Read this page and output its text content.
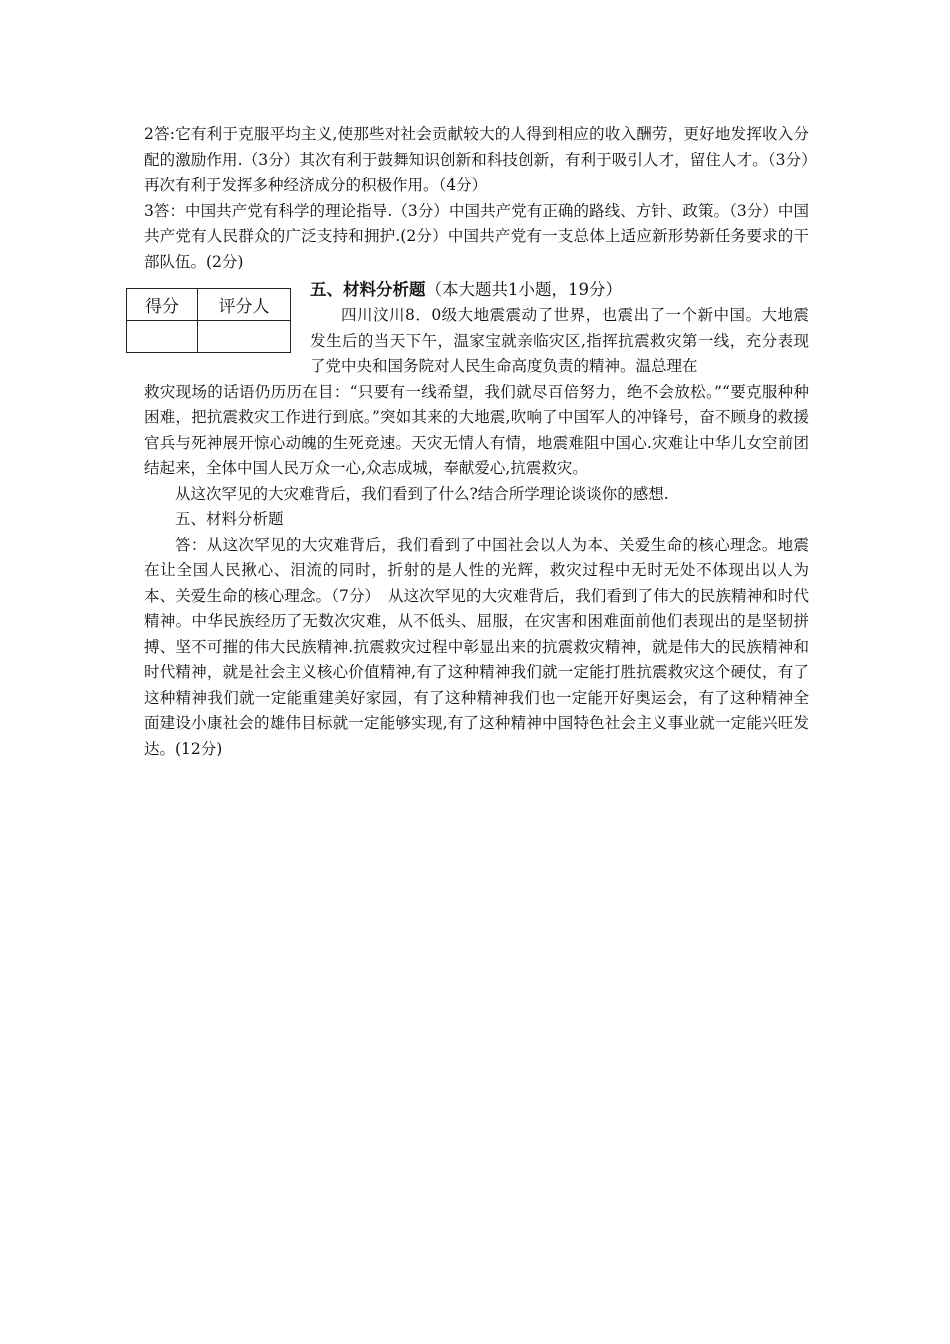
2答:它有利于克服平均主义,使那些对社会贡献较大的人得到相应的收入酬劳，更好地发挥收入分配的激励作用.（3分）其次有利于鼓舞知识创新和科技创新，有利于吸引人才，留住人才。（3分）再次有利于发挥多种经济成分的积极作用。（4分）

3答：中国共产党有科学的理论指导.（3分）中国共产党有正确的路线、方针、政策。（3分）中国共产党有人民群众的广泛支持和拥护.(2分）中国共产党有一支总体上适应新形势新任务要求的干部队伍。(2分)

得分	评分人

五、材料分析题（本大题共1小题，19分）

四川汶川8．0级大地震震动了世界，也震出了一个新中国。大地震发生后的当天下午，温家宝就亲临灾区,指挥抗震救灾第一线，充分表现了党中央和国务院对人民生命高度负责的精神。温总理在

救灾现场的话语仍历历在目：“只要有一线希望，我们就尽百倍努力，绝不会放松。”“要克服种种困难，把抗震救灾工作进行到底。”突如其来的大地震,吹响了中国军人的冲锋号，奋不顾身的救援官兵与死神展开惊心动魄的生死竞速。天灾无情人有情，地震难阻中国心.灾难让中华儿女空前团结起来，全体中国人民万众一心,众志成城，奉献爱心,抗震救灾。

从这次罕见的大灾难背后，我们看到了什么?结合所学理论谈谈你的感想.

五、材料分析题

答：从这次罕见的大灾难背后，我们看到了中国社会以人为本、关爱生命的核心理念。地震在让全国人民揪心、泪流的同时，折射的是人性的光辉，救灾过程中无时无处不体现出以人为本、关爱生命的核心理念。（7分）　从这次罕见的大灾难背后，我们看到了伟大的民族精神和时代精神。中华民族经历了无数次灾难，从不低头、屈服，在灾害和困难面前他们表现出的是坚韧拼搏、坚不可摧的伟大民族精神.抗震救灾过程中彰显出来的抗震救灾精神，就是伟大的民族精神和时代精神，就是社会主义核心价值精神,有了这种精神我们就一定能打胜抗震救灾这个硬仗，有了这种精神我们就一定能重建美好家园，有了这种精神我们也一定能开好奥运会，有了这种精神全面建设小康社会的雄伟目标就一定能够实现,有了这种精神中国特色社会主义事业就一定能兴旺发达。(12分)
